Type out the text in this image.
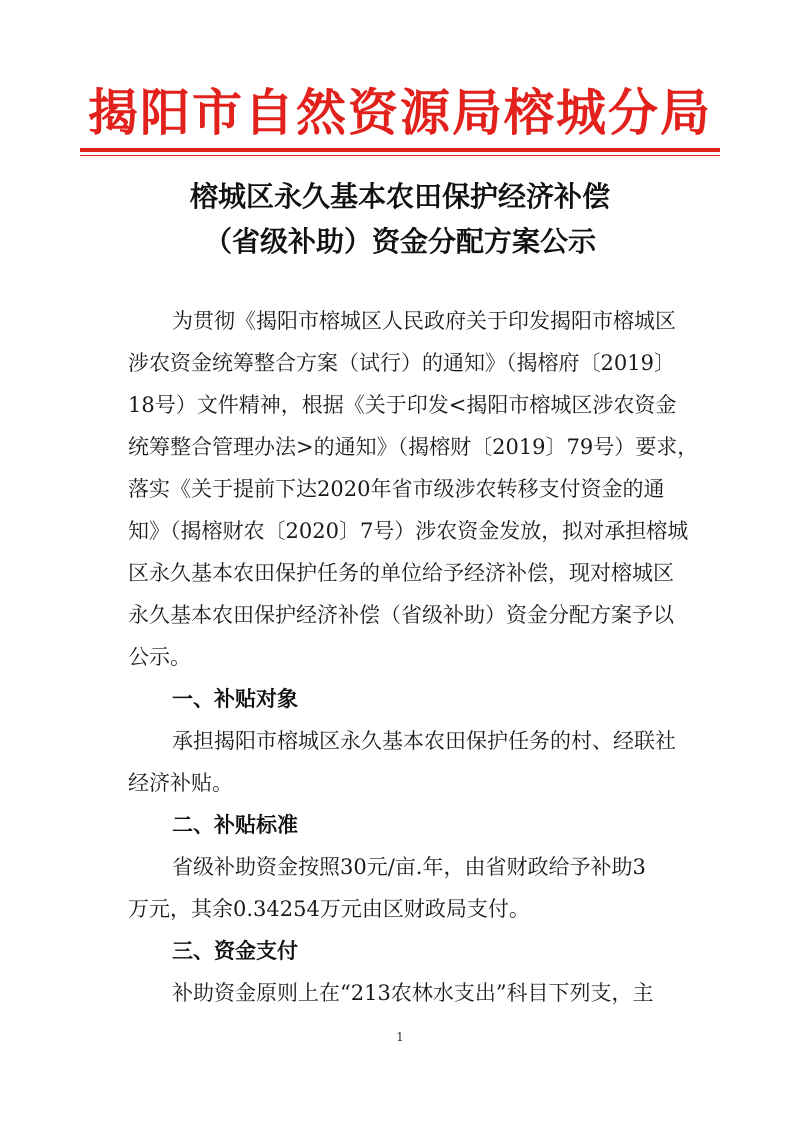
揭阳市自然资源局榕城分局
榕城区永久基本农田保护经济补偿
（省级补助）资金分配方案公示
为贯彻《揭阳市榕城区人民政府关于印发揭阳市榕城区
涉农资金统筹整合方案（试行）的通知》（揭榕府〔2019〕
18号）文件精神，根据《关于印发<揭阳市榕城区涉农资金
统筹整合管理办法>的通知》（揭榕财〔2019〕79号）要求，
落实《关于提前下达2020年省市级涉农转移支付资金的通
知》（揭榕财农〔2020〕7号）涉农资金发放，拟对承担榕城
区永久基本农田保护任务的单位给予经济补偿，现对榕城区
永久基本农田保护经济补偿（省级补助）资金分配方案予以
公示。
一、补贴对象
承担揭阳市榕城区永久基本农田保护任务的村、经联社
经济补贴。
二、补贴标准
省级补助资金按照30元/亩.年，由省财政给予补助3
万元，其余0.34254万元由区财政局支付。
三、资金支付
补助资金原则上在“213农林水支出”科目下列支，主
1
